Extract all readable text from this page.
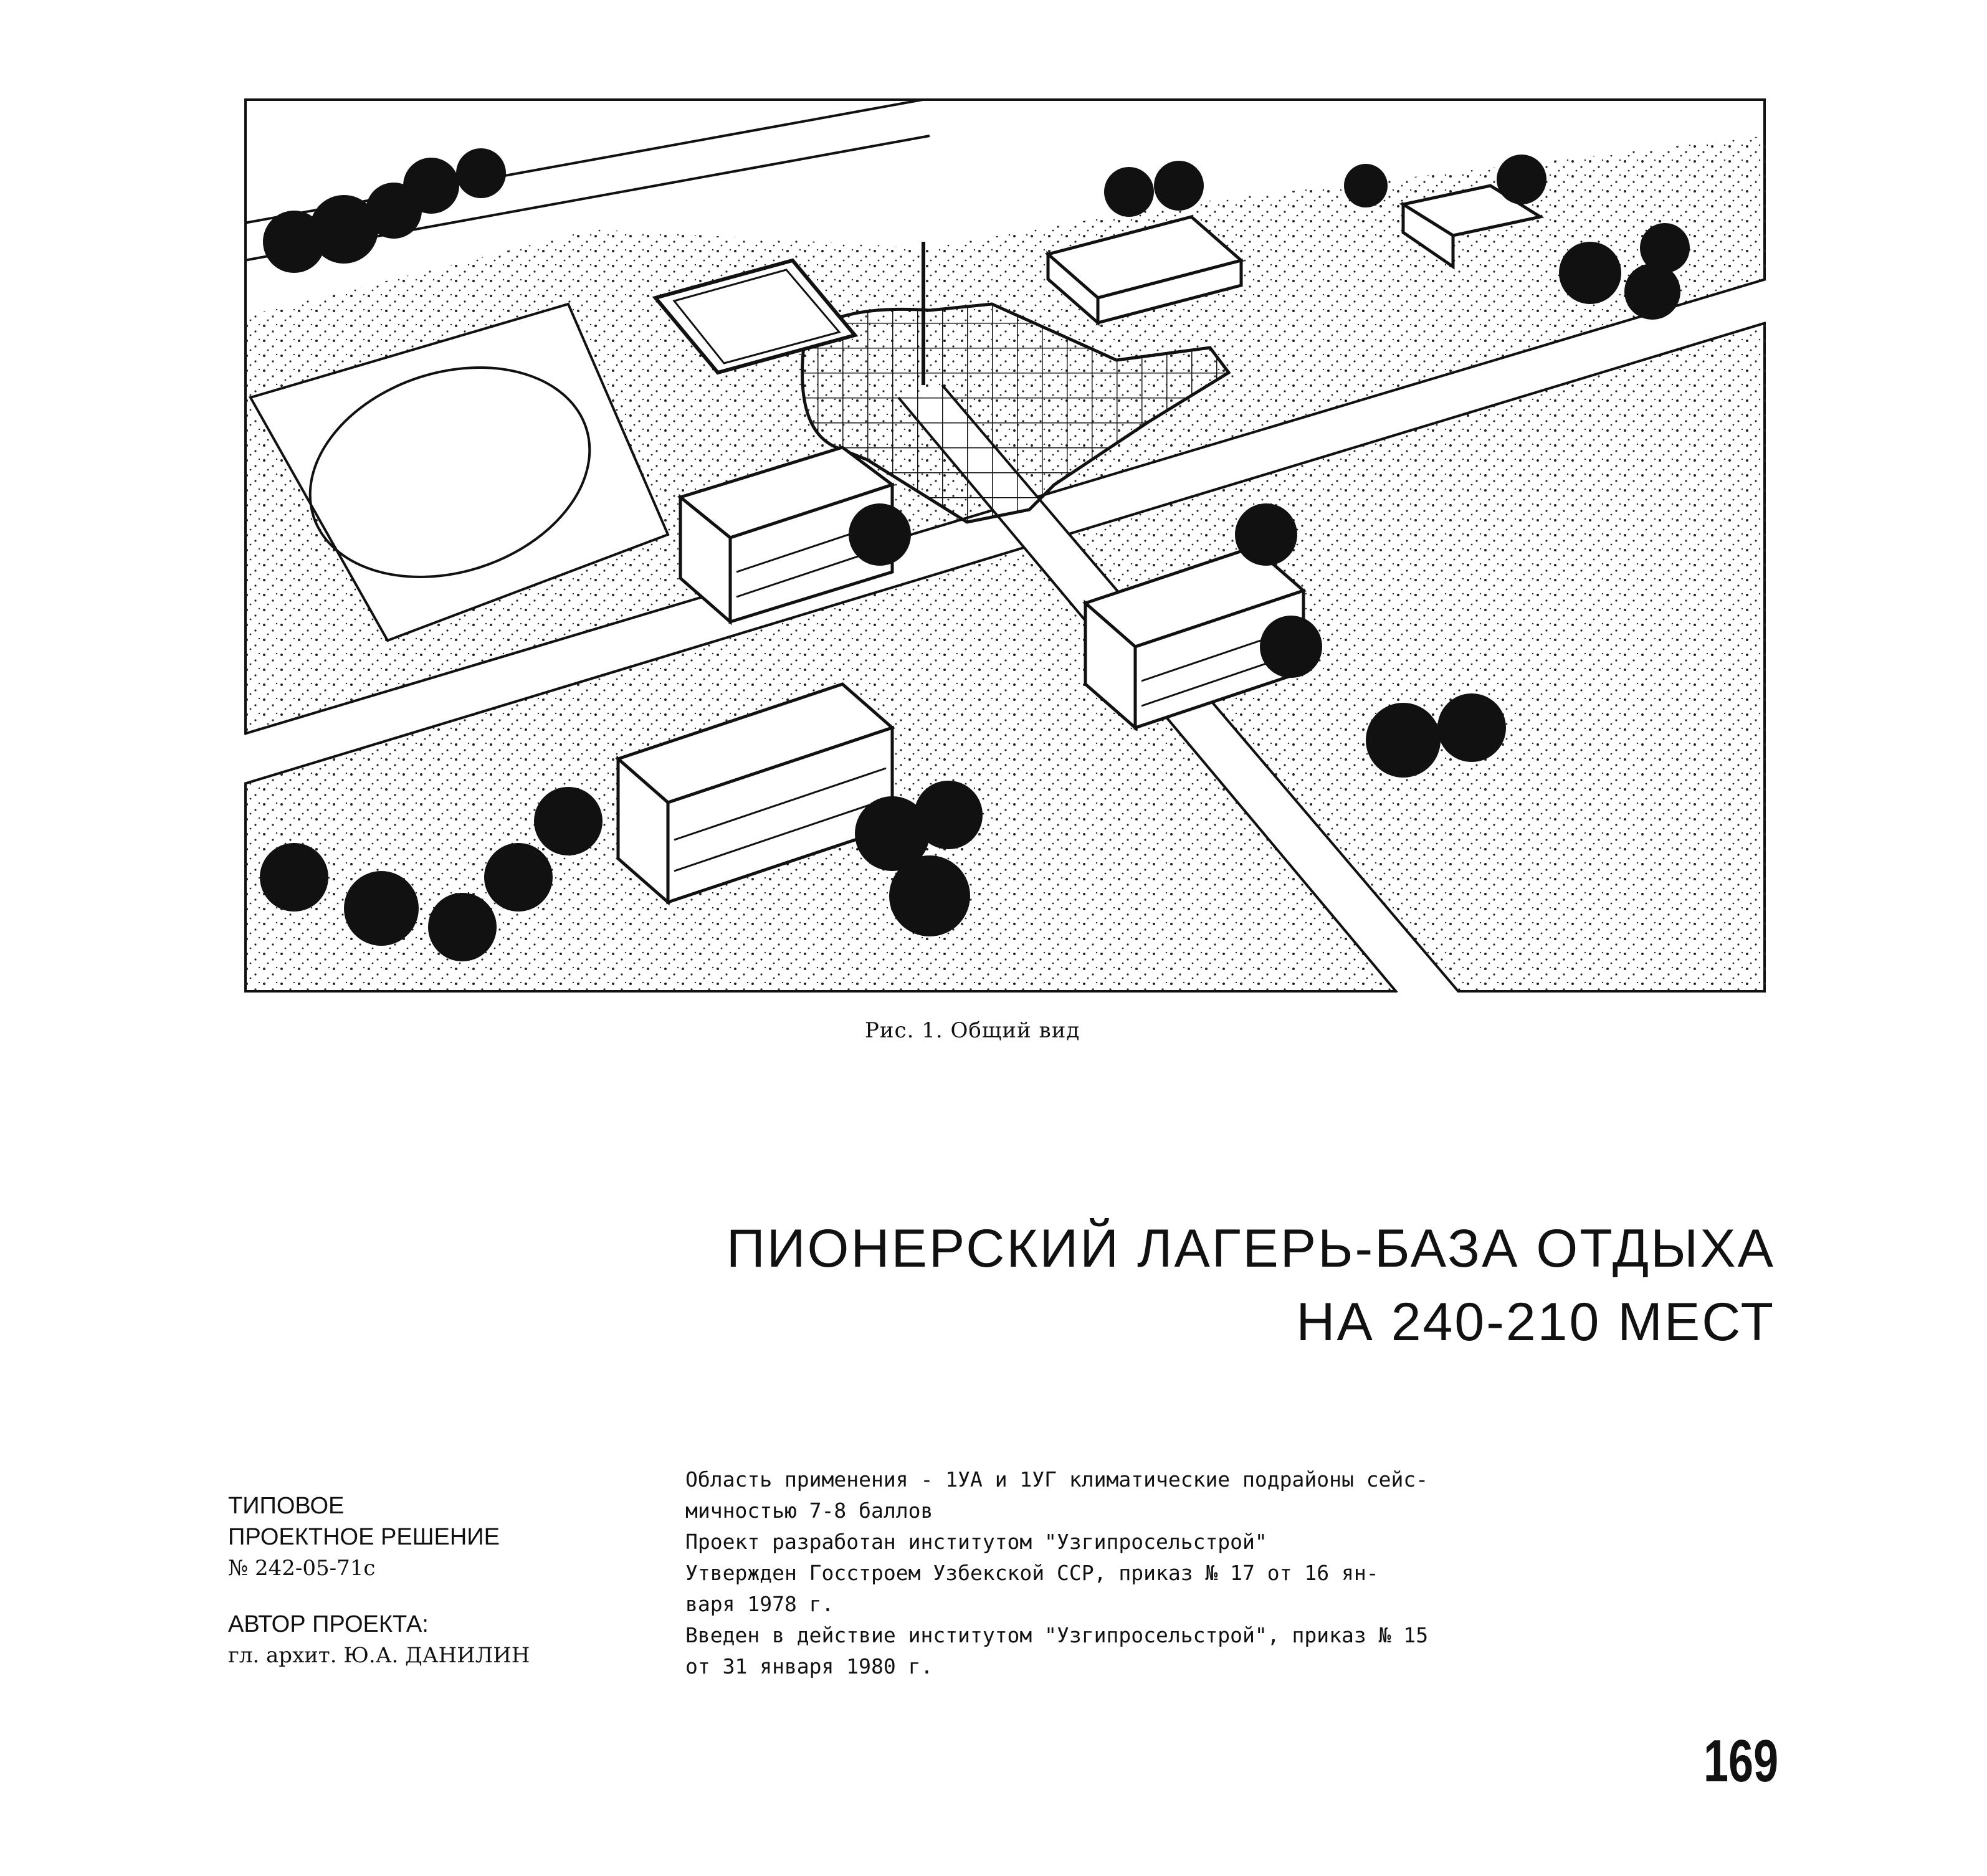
Рис. 1. Общий вид
ПИОНЕРСКИЙ ЛАГЕРЬ-БАЗА ОТДЫХА
НА 240-210 МЕСТ
ТИПОВОЕ
ПРОЕКТНОЕ РЕШЕНИЕ
№ 242-05-71с
АВТОР ПРОЕКТА:
гл. архит. Ю.А. ДАНИЛИН
Область применения - 1УА и 1УГ климатические подрайоны сейс-
мичностью 7-8 баллов
Проект разработан институтом "Узгипросельстрой"
Утвержден Госстроем Узбекской ССР, приказ № 17 от 16 ян-
варя 1978 г.
Введен в действие институтом "Узгипросельстрой", приказ № 15
от 31 января 1980 г.
169
